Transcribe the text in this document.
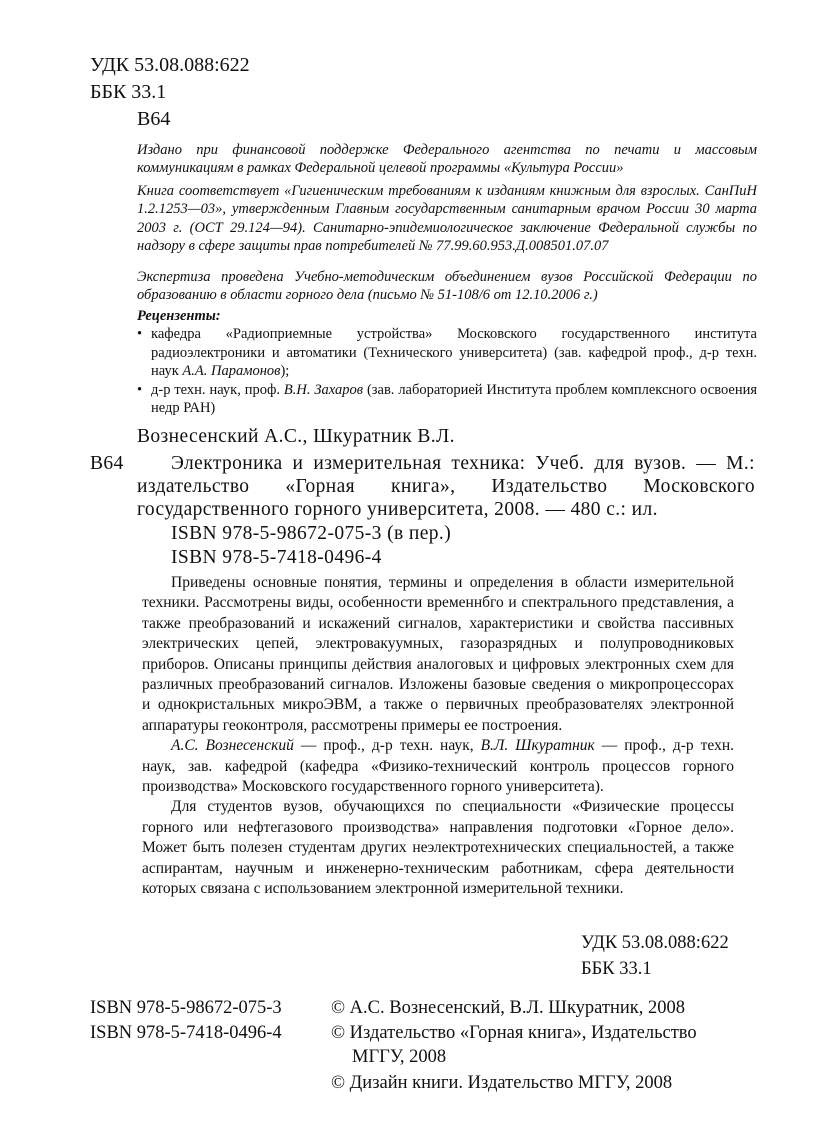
УДК 53.08.088:622
ББК 33.1
В64
Издано при финансовой поддержке Федерального агентства по печати и массовым коммуникациям в рамках Федеральной целевой программы «Культура России»
Книга соответствует «Гигиеническим требованиям к изданиям книжным для взрослых. СанПиН 1.2.1253—03», утвержденным Главным государственным санитарным врачом России 30 марта 2003 г. (ОСТ 29.124—94). Санитарно-эпидемиологическое заключение Федеральной службы по надзору в сфере защиты прав потребителей № 77.99.60.953.Д.008501.07.07
Экспертиза проведена Учебно-методическим объединением вузов Российской Федерации по образованию в области горного дела (письмо № 51-108/6 от 12.10.2006 г.)
Рецензенты:
• кафедра «Радиоприемные устройства» Московского государственного института радиоэлектроники и автоматики (Технического университета) (зав. кафедрой проф., д-р техн. наук А.А. Парамонов);
• д-р техн. наук, проф. В.Н. Захаров (зав. лабораторией Института проблем комплексного освоения недр РАН)
Вознесенский А.С., Шкуратник В.Л.
В64	Электроника и измерительная техника: Учеб. для вузов. — М.: издательство «Горная книга», Издательство Московского государственного горного университета, 2008. — 480 с.: ил.
ISBN 978-5-98672-075-3 (в пер.)
ISBN 978-5-7418-0496-4

Приведены основные понятия, термины и определения в области измерительной техники. Рассмотрены виды, особенности временнбго и спектрального представления, а также преобразований и искажений сигналов, характеристики и свойства пассивных электрических цепей, электровакуумных, газоразрядных и полупроводниковых приборов. Описаны принципы действия аналоговых и цифровых электронных схем для различных преобразований сигналов. Изложены базовые сведения о микропроцессорах и однокристальных микроЭВМ, а также о первичных преобразователях электронной аппаратуры геоконтроля, рассмотрены примеры ее построения.

А.С. Вознесенский — проф., д-р техн. наук, В.Л. Шкуратник — проф., д-р техн. наук, зав. кафедрой (кафедра «Физико-технический контроль процессов горного производства» Московского государственного горного университета).

Для студентов вузов, обучающихся по специальности «Физические процессы горного или нефтегазового производства» направления подготовки «Горное дело». Может быть полезен студентам других неэлектротехнических специальностей, а также аспирантам, научным и инженерно-техническим работникам, сфера деятельности которых связана с использованием электронной измерительной техники.

УДК 53.08.088:622
ББК 33.1
ISBN 978-5-98672-075-3
ISBN 978-5-7418-0496-4
© А.С. Вознесенский, В.Л. Шкуратник, 2008
© Издательство «Горная книга», Издательство
МГГУ, 2008
© Дизайн книги. Издательство МГГУ, 2008
